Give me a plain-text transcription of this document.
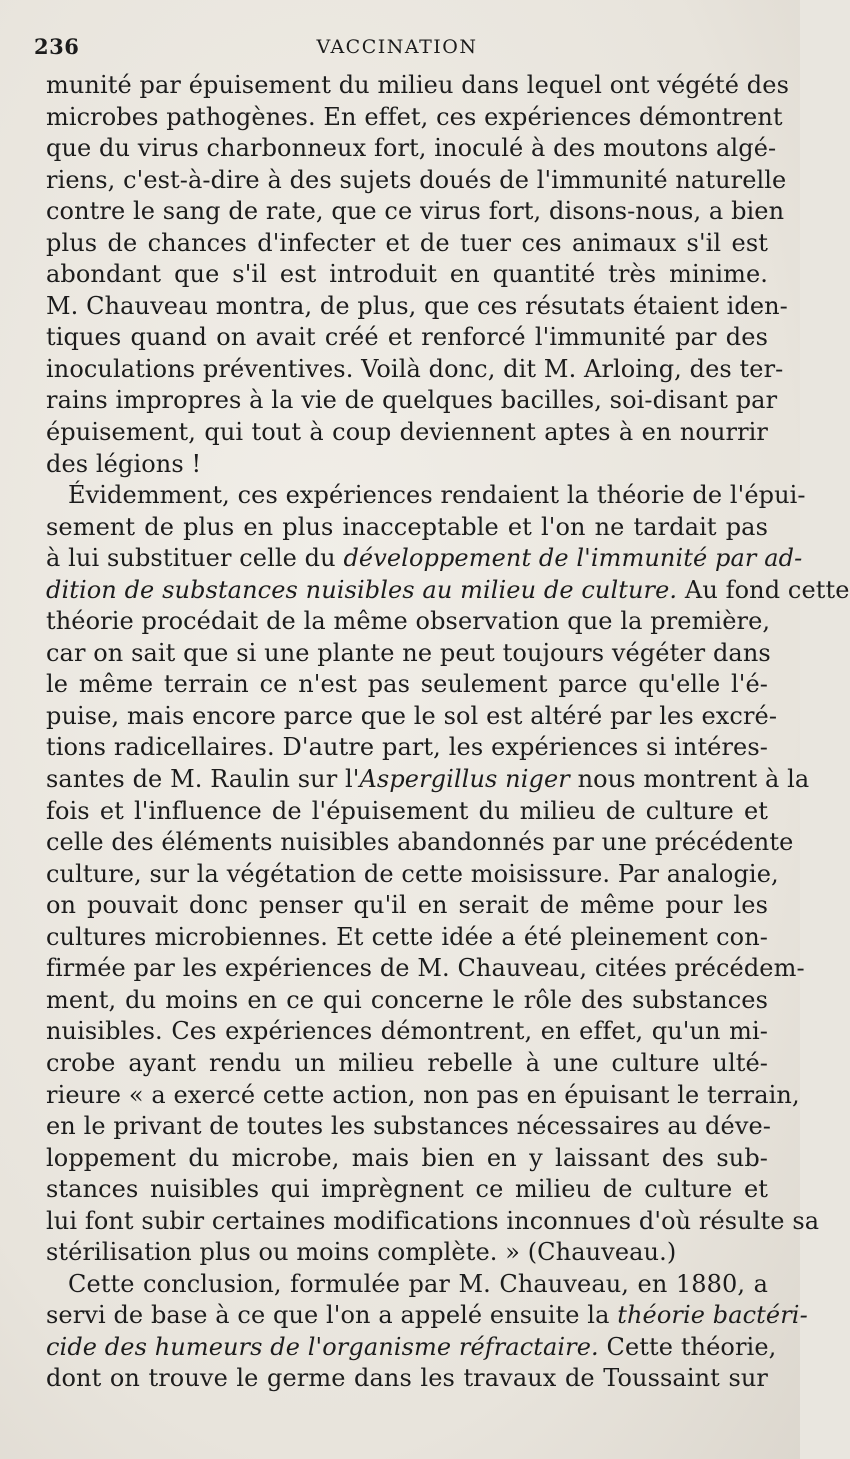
236	VACCINATION
munité par épuisement du milieu dans lequel ont végété des
microbes pathogènes. En effet, ces expériences démontrent
que du virus charbonneux fort, inoculé à des moutons algé-
riens, c'est-à-dire à des sujets doués de l'immunité naturelle
contre le sang de rate, que ce virus fort, disons-nous, a bien
plus de chances d'infecter et de tuer ces animaux s'il est
abondant que s'il est introduit en quantité très minime.
M. Chauveau montra, de plus, que ces résutats étaient iden-
tiques quand on avait créé et renforcé l'immunité par des
inoculations préventives. Voilà donc, dit M. Arloing, des ter-
rains impropres à la vie de quelques bacilles, soi-disant par
épuisement, qui tout à coup deviennent aptes à en nourrir
des légions !
Évidemment, ces expériences rendaient la théorie de l'épui-
sement de plus en plus inacceptable et l'on ne tardait pas
à lui substituer celle du développement de l'immunité par ad-
dition de substances nuisibles au milieu de culture. Au fond cette
théorie procédait de la même observation que la première,
car on sait que si une plante ne peut toujours végéter dans
le même terrain ce n'est pas seulement parce qu'elle l'é-
puise, mais encore parce que le sol est altéré par les excré-
tions radicellaires. D'autre part, les expériences si intéres-
santes de M. Raulin sur l'Aspergillus niger nous montrent à la
fois et l'influence de l'épuisement du milieu de culture et
celle des éléments nuisibles abandonnés par une précédente
culture, sur la végétation de cette moisissure. Par analogie,
on pouvait donc penser qu'il en serait de même pour les
cultures microbiennes. Et cette idée a été pleinement con-
firmée par les expériences de M. Chauveau, citées précédem-
ment, du moins en ce qui concerne le rôle des substances
nuisibles. Ces expériences démontrent, en effet, qu'un mi-
crobe ayant rendu un milieu rebelle à une culture ulté-
rieure « a exercé cette action, non pas en épuisant le terrain,
en le privant de toutes les substances nécessaires au déve-
loppement du microbe, mais bien en y laissant des sub-
stances nuisibles qui imprègnent ce milieu de culture et
lui font subir certaines modifications inconnues d'où résulte sa
stérilisation plus ou moins complète. » (Chauveau.)
Cette conclusion, formulée par M. Chauveau, en 1880, a
servi de base à ce que l'on a appelé ensuite la théorie bactéri-
cide des humeurs de l'organisme réfractaire. Cette théorie,
dont on trouve le germe dans les travaux de Toussaint sur
